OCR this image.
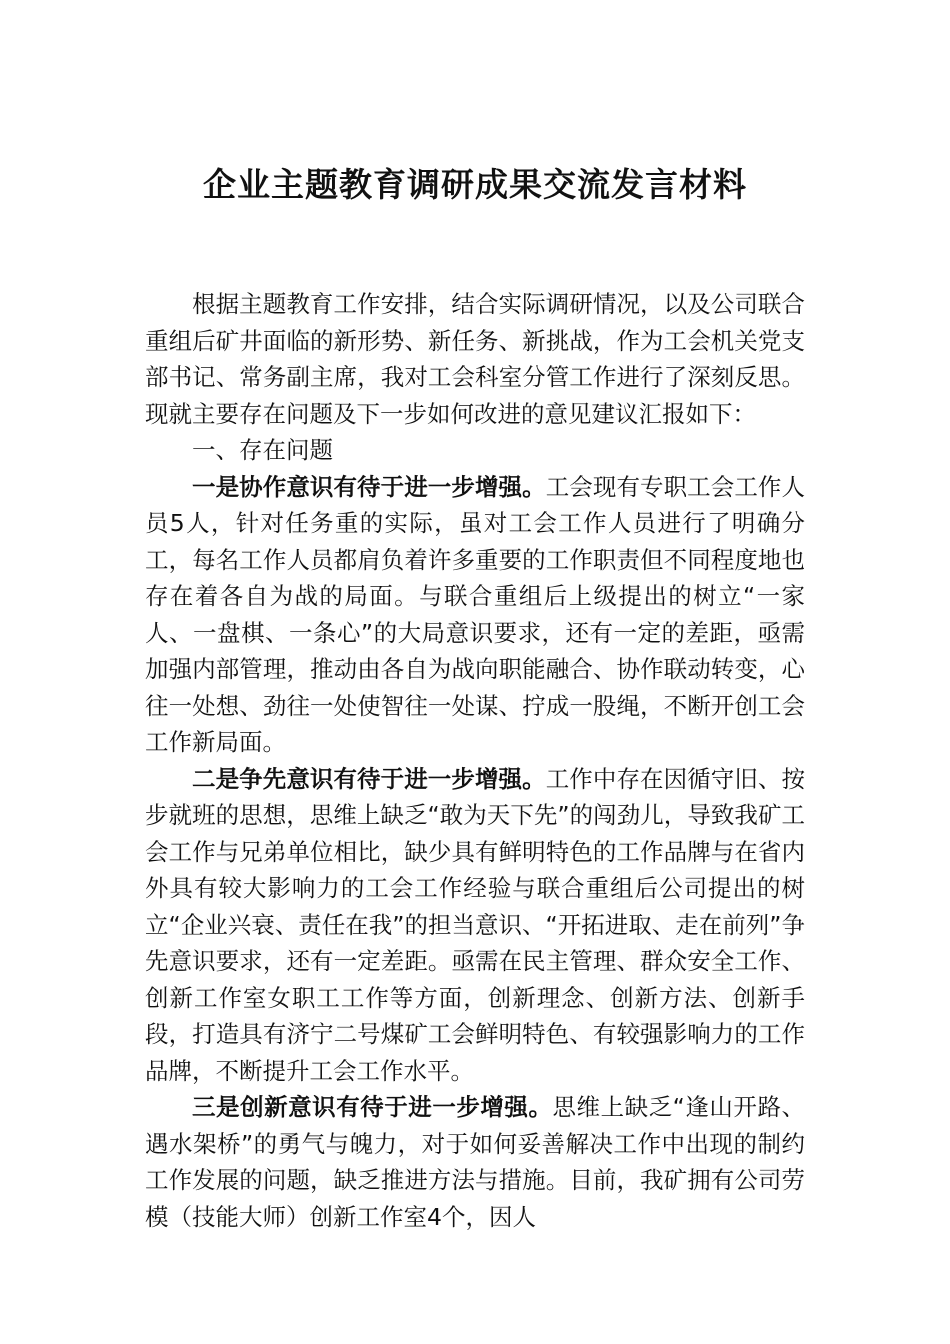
企业主题教育调研成果交流发言材料

根据主题教育工作安排，结合实际调研情况，以及公司联合重组后矿井面临的新形势、新任务、新挑战，作为工会机关党支部书记、常务副主席，我对工会科室分管工作进行了深刻反思。现就主要存在问题及下一步如何改进的意见建议汇报如下：

一、存在问题

一是协作意识有待于进一步增强。工会现有专职工会工作人员5人，针对任务重的实际，虽对工会工作人员进行了明确分工，每名工作人员都肩负着许多重要的工作职责但不同程度地也存在着各自为战的局面。与联合重组后上级提出的树立“一家人、一盘棋、一条心”的大局意识要求，还有一定的差距，亟需加强内部管理，推动由各自为战向职能融合、协作联动转变，心往一处想、劲往一处使智往一处谋、拧成一股绳，不断开创工会工作新局面。

二是争先意识有待于进一步增强。工作中存在因循守旧、按步就班的思想，思维上缺乏“敢为天下先”的闯劲儿，导致我矿工会工作与兄弟单位相比，缺少具有鲜明特色的工作品牌与在省内外具有较大影响力的工会工作经验与联合重组后公司提出的树立“企业兴衰、责任在我”的担当意识、“开拓进取、走在前列”争先意识要求，还有一定差距。亟需在民主管理、群众安全工作、创新工作室女职工工作等方面，创新理念、创新方法、创新手段，打造具有济宁二号煤矿工会鲜明特色、有较强影响力的工作品牌，不断提升工会工作水平。

三是创新意识有待于进一步增强。思维上缺乏“逢山开路、遇水架桥”的勇气与魄力，对于如何妥善解决工作中出现的制约工作发展的问题，缺乏推进方法与措施。目前，我矿拥有公司劳模（技能大师）创新工作室4个，因人
